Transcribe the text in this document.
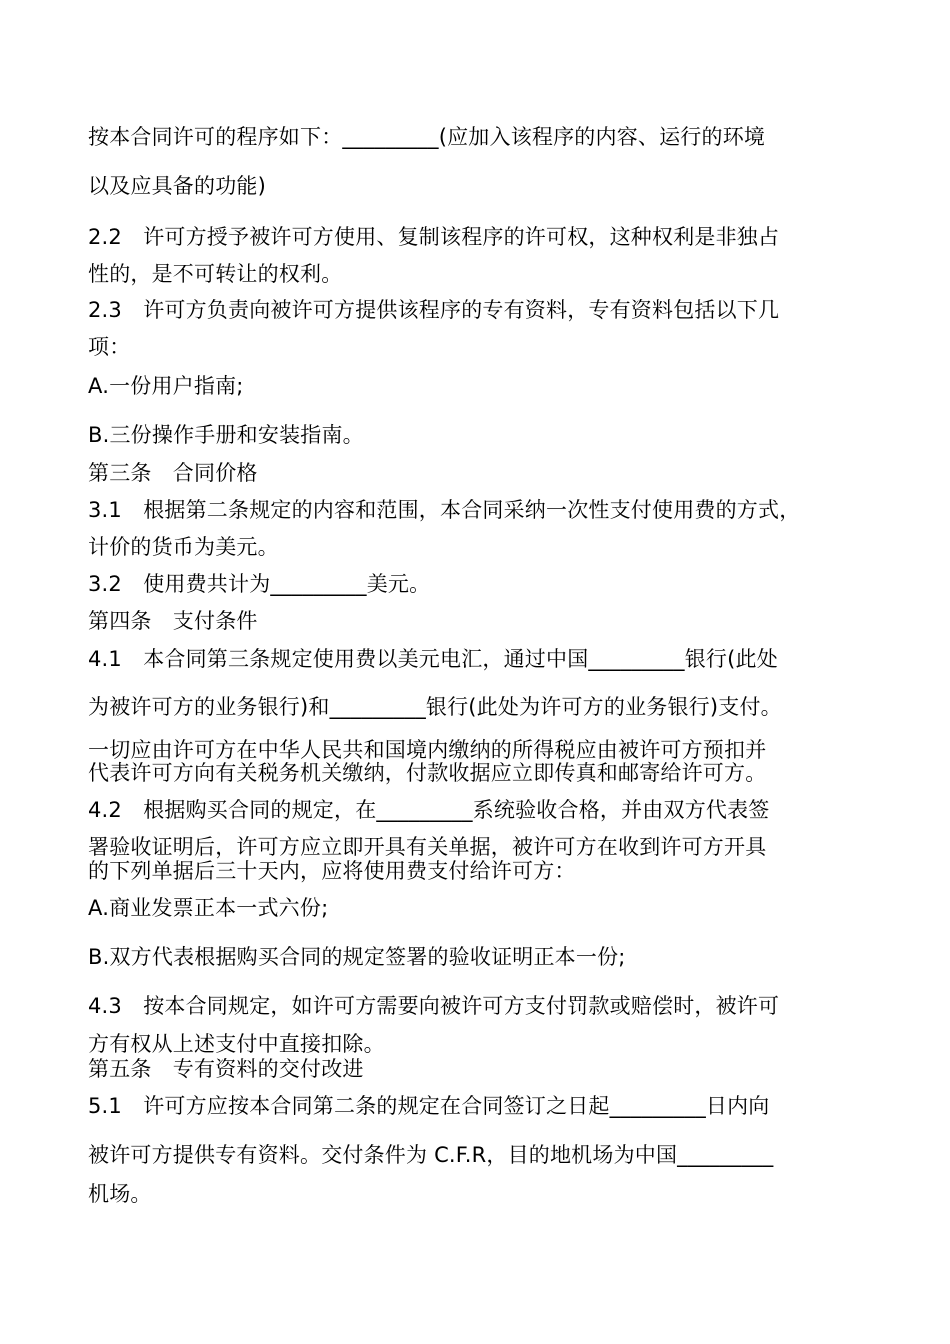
按本合同许可的程序如下：_________(应加入该程序的内容、运行的环境
以及应具备的功能)
2.2　许可方授予被许可方使用、复制该程序的许可权，这种权利是非独占
性的，是不可转让的权利。
2.3　许可方负责向被许可方提供该程序的专有资料，专有资料包括以下几
项：
A.一份用户指南;
B.三份操作手册和安装指南。
第三条　合同价格
3.1　根据第二条规定的内容和范围，本合同采纳一次性支付使用费的方式，
计价的货币为美元。
3.2　使用费共计为_________美元。
第四条　支付条件
4.1　本合同第三条规定使用费以美元电汇，通过中国_________银行(此处
为被许可方的业务银行)和_________银行(此处为许可方的业务银行)支付。
一切应由许可方在中华人民共和国境内缴纳的所得税应由被许可方预扣并
代表许可方向有关税务机关缴纳，付款收据应立即传真和邮寄给许可方。
4.2　根据购买合同的规定，在_________系统验收合格，并由双方代表签
署验收证明后，许可方应立即开具有关单据，被许可方在收到许可方开具
的下列单据后三十天内，应将使用费支付给许可方：
A.商业发票正本一式六份;
B.双方代表根据购买合同的规定签署的验收证明正本一份;
4.3　按本合同规定，如许可方需要向被许可方支付罚款或赔偿时，被许可
方有权从上述支付中直接扣除。
第五条　专有资料的交付改进
5.1　许可方应按本合同第二条的规定在合同签订之日起_________日内向
被许可方提供专有资料。交付条件为 C.F.R，目的地机场为中国_________
机场。
